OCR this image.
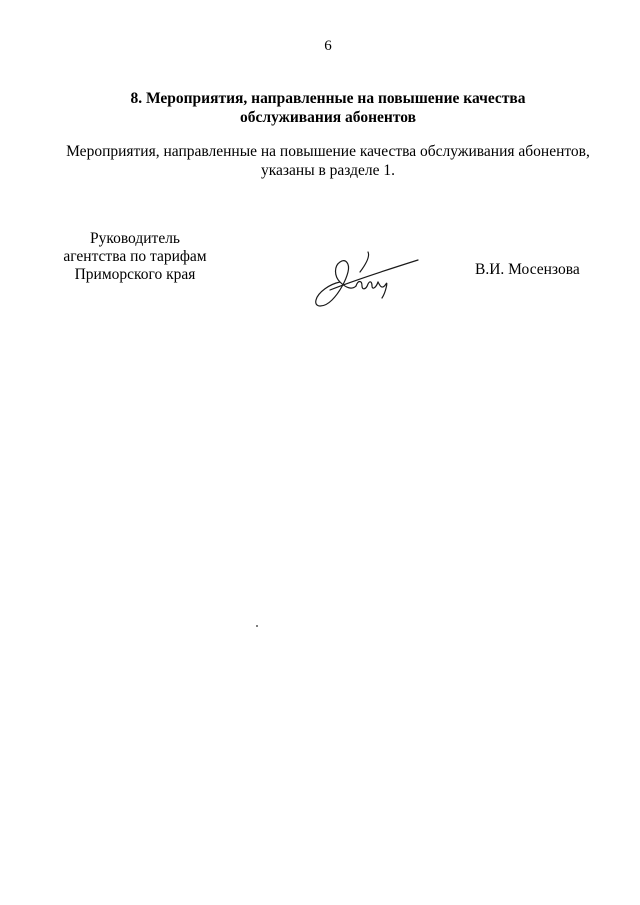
6
8. Мероприятия, направленные на повышение качества
обслуживания абонентов
Мероприятия, направленные на повышение качества обслуживания абонентов,
указаны в разделе 1.
Руководитель
агентства по тарифам
Приморского края	В.И. Мосензова
